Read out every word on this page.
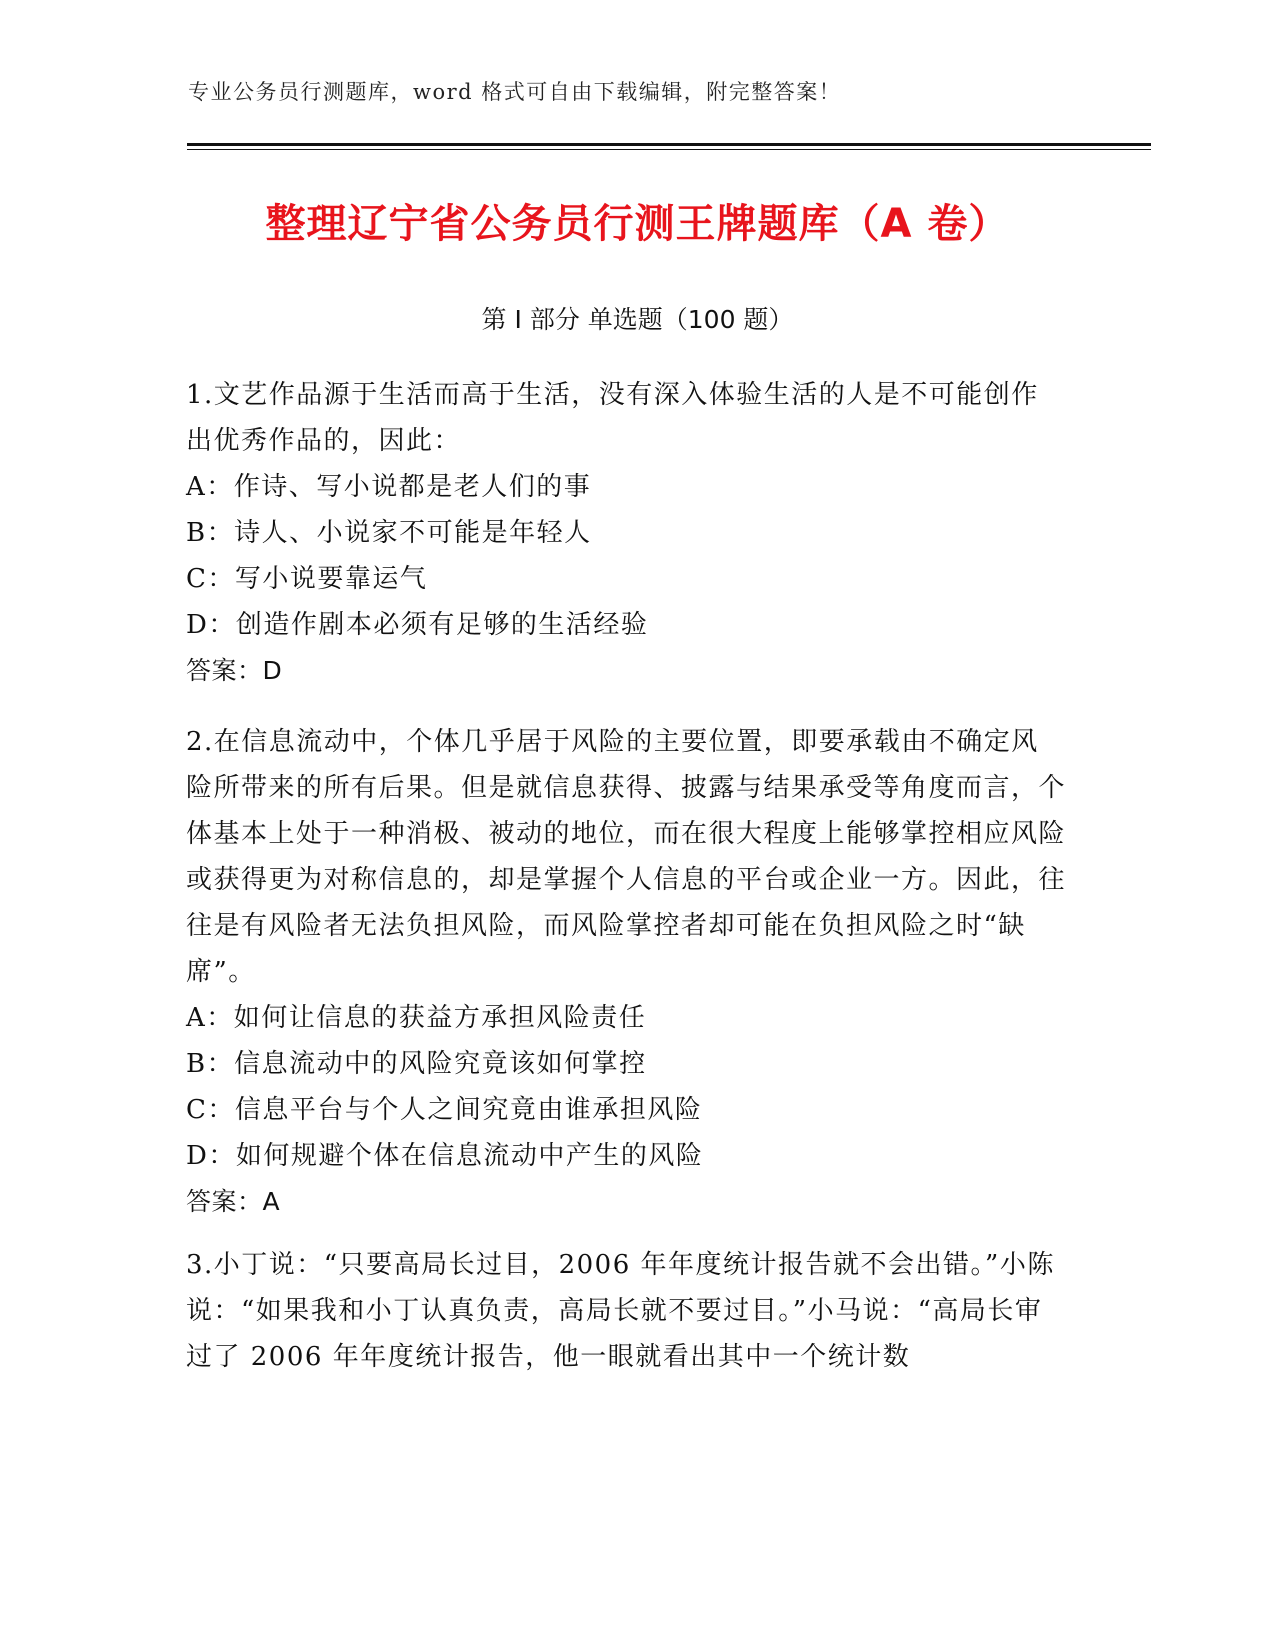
专业公务员行测题库，word 格式可自由下载编辑，附完整答案！
整理辽宁省公务员行测王牌题库（A 卷）
第 I 部分 单选题（100 题）

1.文艺作品源于生活而高于生活，没有深入体验生活的人是不可能创作出优秀作品的，因此：

A：作诗、写小说都是老人们的事

B：诗人、小说家不可能是年轻人

C：写小说要靠运气

D：创造作剧本必须有足够的生活经验

答案：D

2.在信息流动中，个体几乎居于风险的主要位置，即要承载由不确定风险所带来的所有后果。但是就信息获得、披露与结果承受等角度而言，个体基本上处于一种消极、被动的地位，而在很大程度上能够掌控相应风险或获得更为对称信息的，却是掌握个人信息的平台或企业一方。因此，往往是有风险者无法负担风险，而风险掌控者却可能在负担风险之时“缺席”。

A：如何让信息的获益方承担风险责任

B：信息流动中的风险究竟该如何掌控

C：信息平台与个人之间究竟由谁承担风险

D：如何规避个体在信息流动中产生的风险

答案：A

3.小丁说：“只要高局长过目，2006 年年度统计报告就不会出错。”小陈说：“如果我和小丁认真负责，高局长就不要过目。”小马说：“高局长审过了 2006 年年度统计报告，他一眼就看出其中一个统计数
